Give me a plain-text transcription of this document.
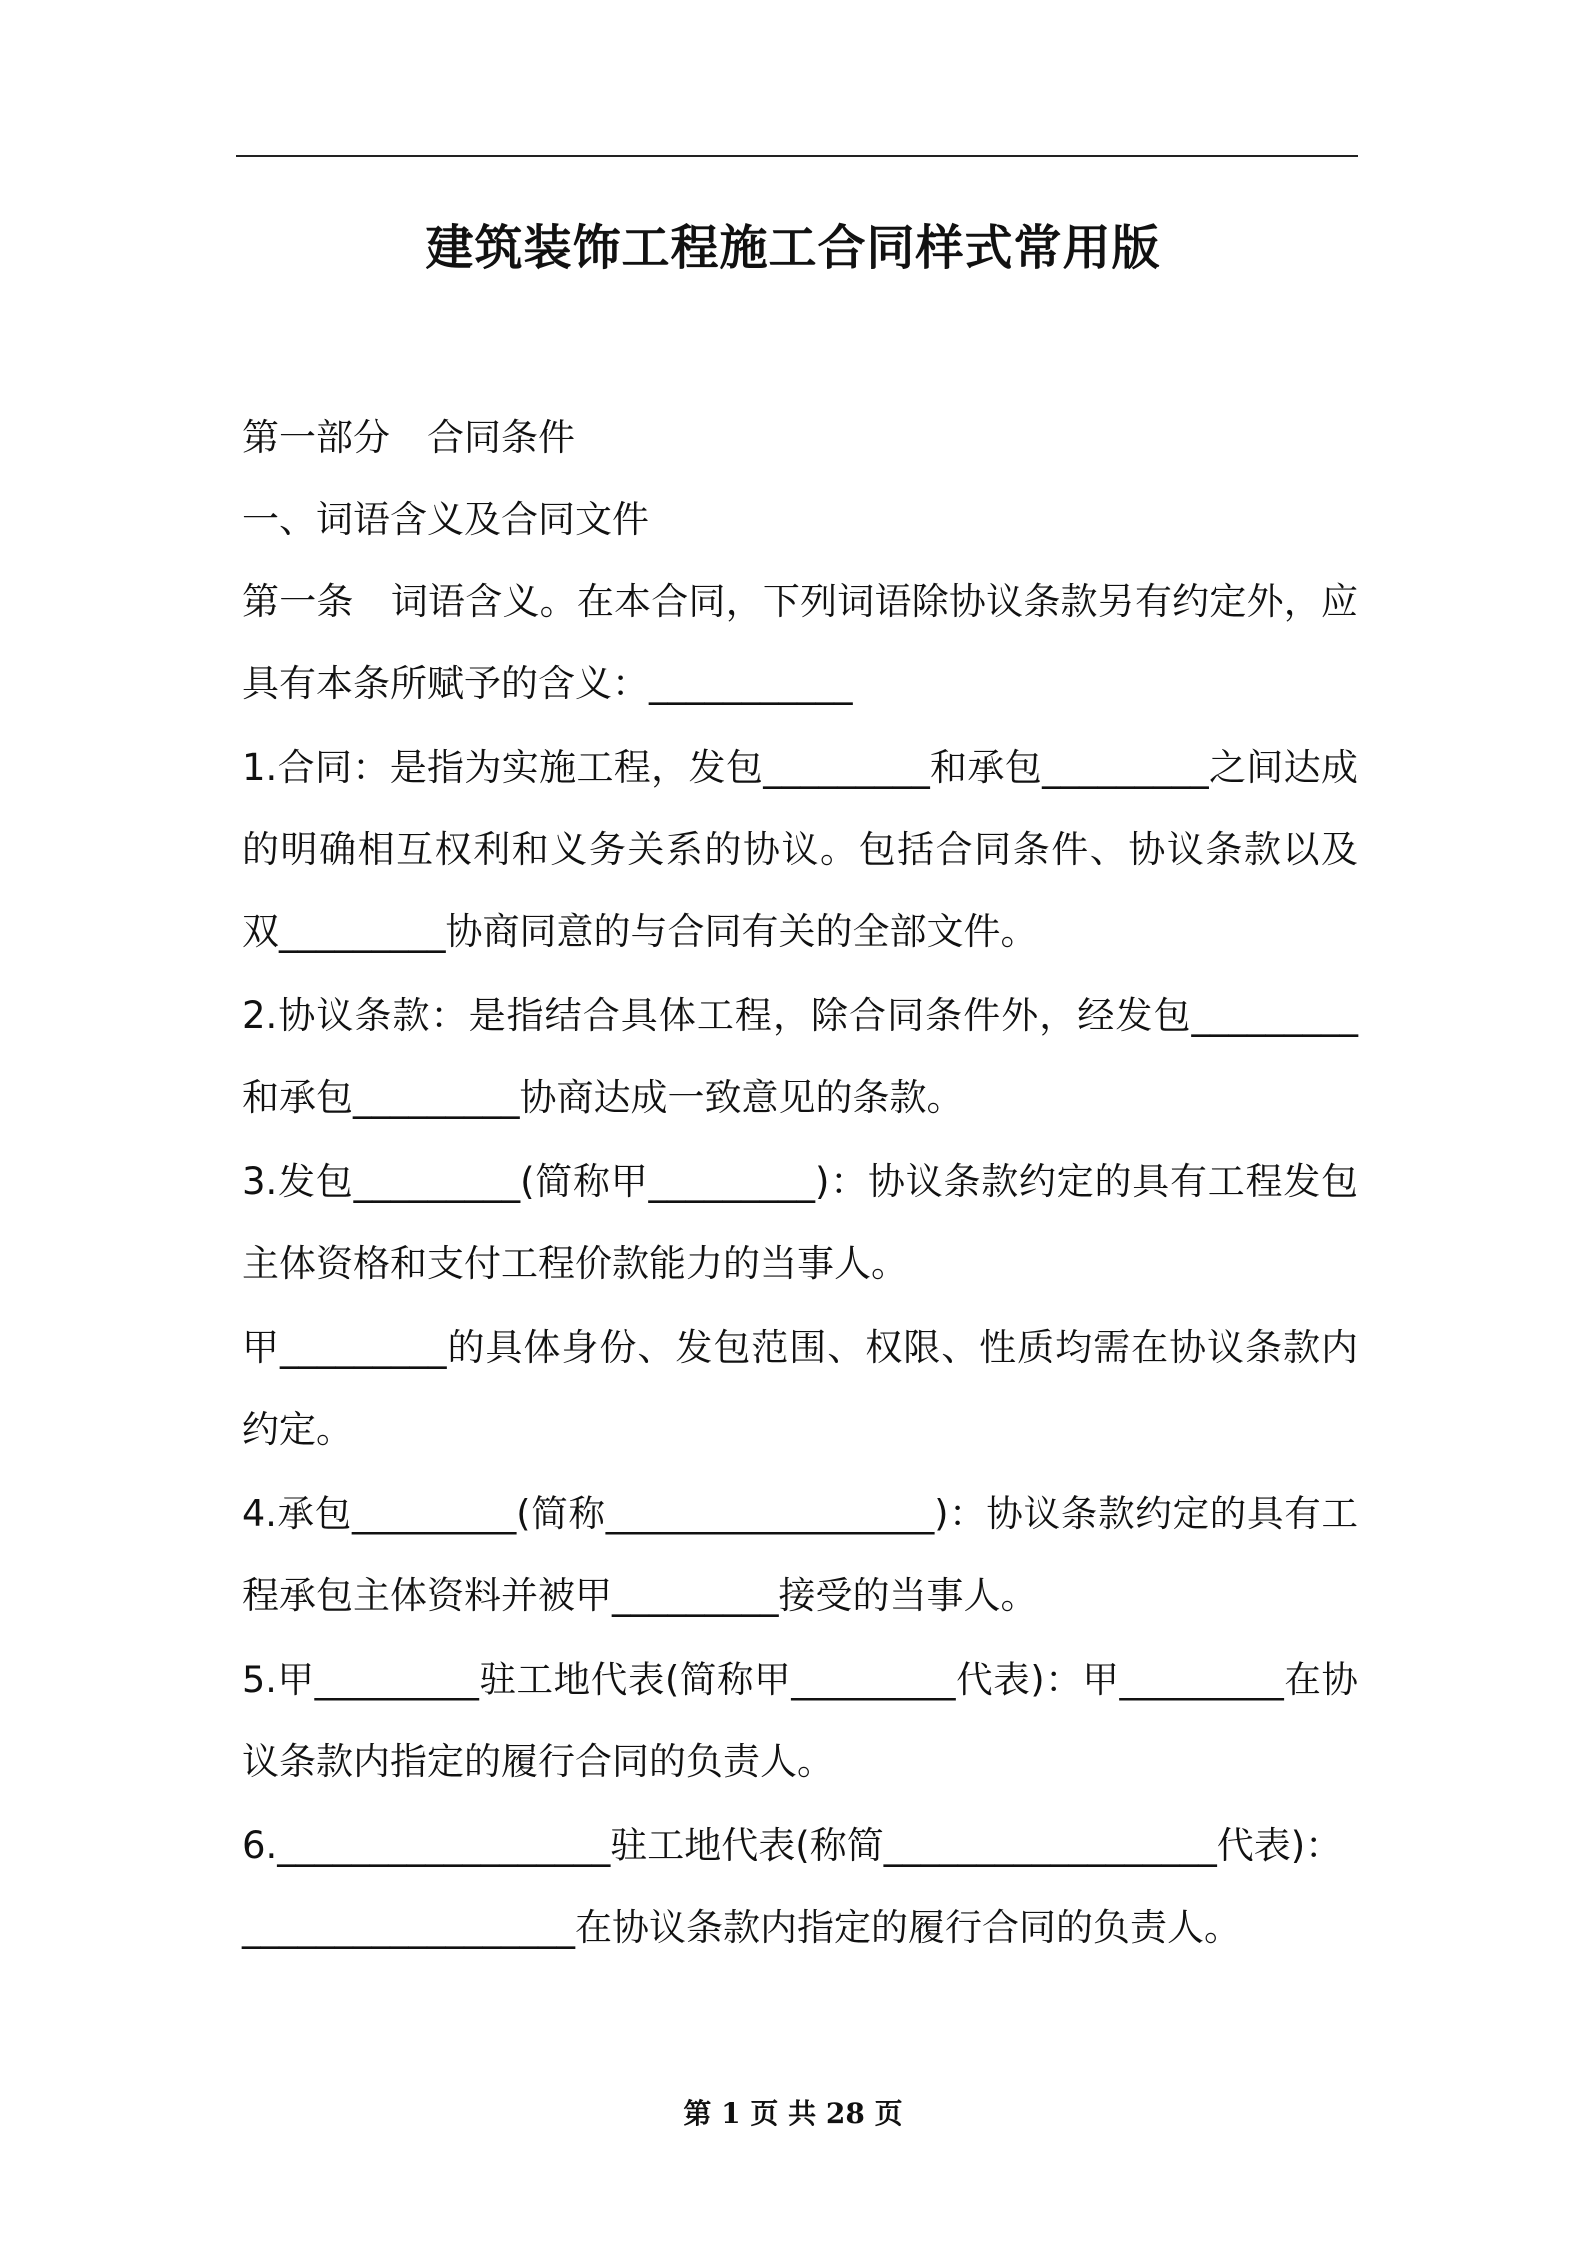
建筑装饰工程施工合同样式常用版
第一部分　合同条件
一、词语含义及合同文件
第一条　词语含义。在本合同，下列词语除协议条款另有约定外，应
具有本条所赋予的含义：___________
1.合同：是指为实施工程，发包_________和承包_________之间达成
的明确相互权利和义务关系的协议。包括合同条件、协议条款以及
双_________协商同意的与合同有关的全部文件。
2.协议条款：是指结合具体工程，除合同条件外，经发包_________
和承包_________协商达成一致意见的条款。
3.发包_________(简称甲_________)：协议条款约定的具有工程发包
主体资格和支付工程价款能力的当事人。
甲_________的具体身份、发包范围、权限、性质均需在协议条款内
约定。
4.承包_________(简称__________________)：协议条款约定的具有工
程承包主体资料并被甲_________接受的当事人。
5.甲_________驻工地代表(简称甲_________代表)：甲_________在协
议条款内指定的履行合同的负责人。
6.__________________驻工地代表(称简__________________代表)：
__________________在协议条款内指定的履行合同的负责人。
第 1 页 共 28 页
